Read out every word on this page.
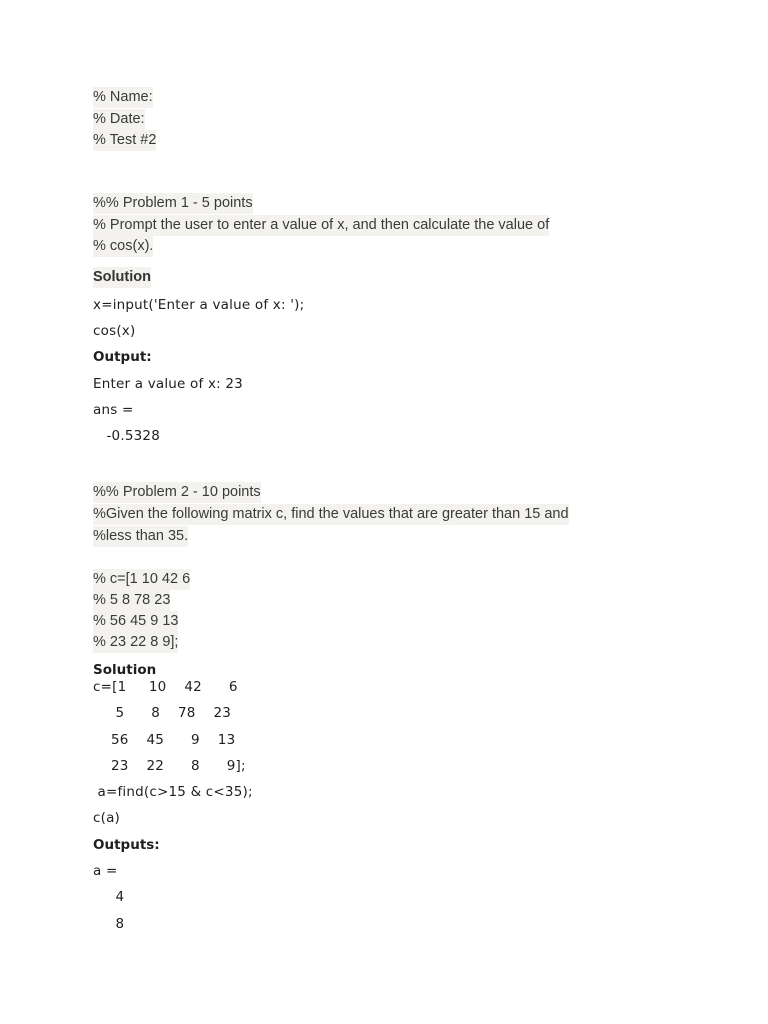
% Name:
% Date:
% Test #2
%% Problem 1 - 5 points
% Prompt the user to enter a value of x, and then calculate the value of
% cos(x).
Solution
x=input('Enter a value of x: ');
cos(x)
Output:
Enter a value of x: 23
ans =
-0.5328
%% Problem 2 - 10 points
%Given the following matrix c, find the values that are greater than 15 and
%less than 35.
% c=[1 10 42 6
% 5 8 78 23
% 56 45 9 13
% 23 22 8 9];
Solution
c=[1     10    42      6
5      8    78    23
56    45      9    13
23    22      8      9];
a=find(c>15 & c<35);
c(a)
Outputs:
a =
4
8
